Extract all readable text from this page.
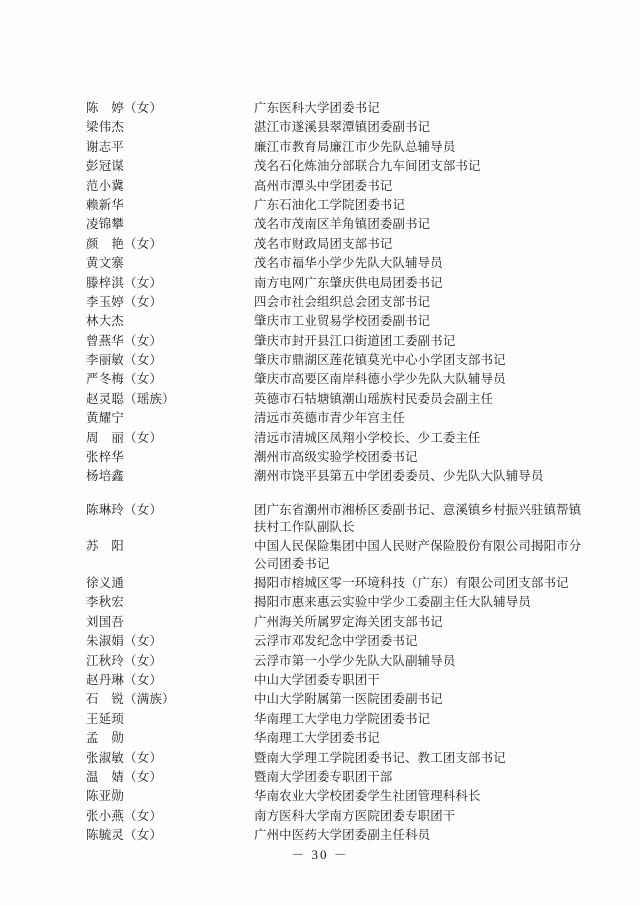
陈　婷（女）	广东医科大学团委书记
梁伟杰	湛江市遂溪县翠潭镇团委副书记
谢志平	廉江市教育局廉江市少先队总辅导员
彭冠谋	茂名石化炼油分部联合九车间团支部书记
范小冀	高州市潭头中学团委书记
赖新华	广东石油化工学院团委书记
凌锦攀	茂名市茂南区羊角镇团委副书记
颜　艳（女）	茂名市财政局团支部书记
黄文寨	茂名市福华小学少先队大队辅导员
滕梓淇（女）	南方电网广东肇庆供电局团委书记
李玉婷（女）	四会市社会组织总会团支部书记
林大杰	肇庆市工业贸易学校团委副书记
曾燕华（女）	肇庆市封开县江口街道团工委副书记
李丽敏（女）	肇庆市鼎湖区莲花镇莫光中心小学团支部书记
严冬梅（女）	肇庆市高要区南岸科德小学少先队大队辅导员
赵灵聪（瑶族）	英德市石牯塘镇潮山瑶族村民委员会副主任
黄耀宁	清远市英德市青少年宫主任
周　丽（女）	清远市清城区凤翔小学校长、少工委主任
张梓华	潮州市高级实验学校团委书记
杨培鑫	潮州市饶平县第五中学团委委员、少先队大队辅导员
陈琳玲（女）	团广东省潮州市湘桥区委副书记、意溪镇乡村振兴驻镇帮镇扶村工作队副队长
苏　阳	中国人民保险集团中国人民财产保险股份有限公司揭阳市分公司团委书记
徐义通	揭阳市榕城区零一环境科技（广东）有限公司团支部书记
李秋宏	揭阳市惠来惠云实验中学少工委副主任大队辅导员
刘国吾	广州海关所属罗定海关团支部书记
朱淑娟（女）	云浮市邓发纪念中学团委书记
江秋玲（女）	云浮市第一小学少先队大队副辅导员
赵丹琳（女）	中山大学团委专职团干
石　锐（满族）	中山大学附属第一医院团委副书记
王延顼	华南理工大学电力学院团委书记
孟　勋	华南理工大学团委书记
张淑敏（女）	暨南大学理工学院团委书记、教工团支部书记
温　婧（女）	暨南大学团委专职团干部
陈亚勋	华南农业大学校团委学生社团管理科科长
张小燕（女）	南方医科大学南方医院团委专职团干
陈毓灵（女）	广州中医药大学团委副主任科员
－ 30 －
